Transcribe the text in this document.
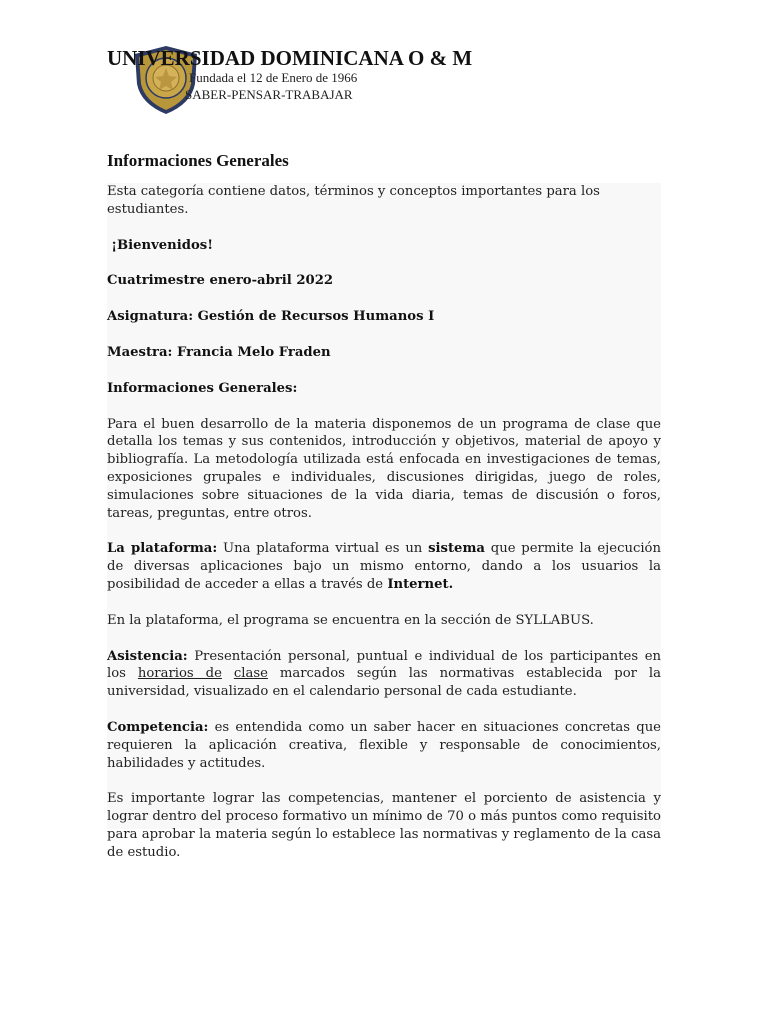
UNIVERSIDAD DOMINICANA O & M

Fundada el 12 de Enero de 1966

SABER-PENSAR-TRABAJAR

Informaciones Generales

Esta categoría contiene datos, términos y conceptos importantes para los estudiantes.

¡Bienvenidos!

Cuatrimestre enero-abril 2022

Asignatura: Gestión de Recursos Humanos I

Maestra: Francia Melo Fraden

Informaciones Generales:

Para el buen desarrollo de la materia disponemos de un programa de clase que detalla los temas y sus contenidos, introducción y objetivos, material de apoyo y bibliografía. La metodología utilizada está enfocada en investigaciones de temas, exposiciones grupales e individuales, discusiones dirigidas, juego de roles, simulaciones sobre situaciones de la vida diaria, temas de discusión o foros, tareas, preguntas, entre otros.

La plataforma: Una plataforma virtual es un sistema que permite la ejecución de diversas aplicaciones bajo un mismo entorno, dando a los usuarios la posibilidad de acceder a ellas a través de Internet.

En la plataforma, el programa se encuentra en la sección de SYLLABUS.

Asistencia: Presentación personal, puntual e individual de los participantes en los horarios de clase marcados según las normativas establecida por la universidad, visualizado en el calendario personal de cada estudiante.

Competencia: es entendida como un saber hacer en situaciones concretas que requieren la aplicación creativa, flexible y responsable de conocimientos, habilidades y actitudes.

Es importante lograr las competencias, mantener el porciento de asistencia y lograr dentro del proceso formativo un mínimo de 70 o más puntos como requisito para aprobar la materia según lo establece las normativas y reglamento de la casa de estudio.
